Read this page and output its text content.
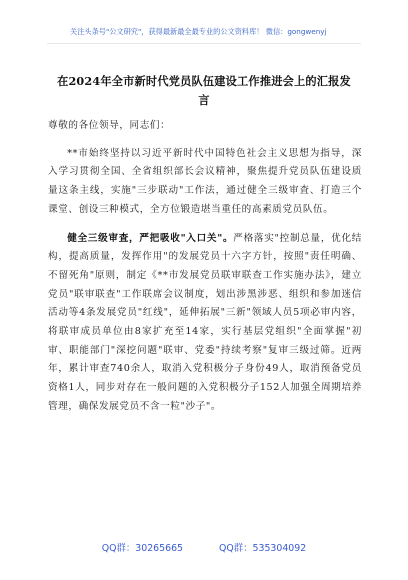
关注头条号"公文研究"，获得最新最全最专业的公文资料库！ 微信：gongwenyj
在2024年全市新时代党员队伍建设工作推进会上的汇报发言

尊敬的各位领导，同志们：

**市始终坚持以习近平新时代中国特色社会主义思想为指导，深入学习贯彻全国、全省组织部长会议精神，聚焦提升党员队伍建设质量这条主线，实施"三步联动"工作法，通过健全三级审査、打造三个课堂、创设三种模式，全方位锻造堪当重任的高素质党员队伍。

健全三级审査，严把吸收"入口关"。严格落实"控制总量，优化结构，提高质量，发挥作用"的发展党员十六字方针，按照"责任明确、不留死角"原则，制定《**市发展党员联审联查工作实施办法》，建立党员"联审联查"工作联席会议制度，划出涉黑涉恶、组织和参加迷信活动等4条发展党员"红线"，延伸拓展"三新"领域人员5项必审内容，将联审成员单位由8家扩充至14家，实行基层党组织"全面掌握"初审、职能部门"深挖问题"联审、党委"持续考察"复审三级过筛。近两年，累计审查740余人，取消入党积极分子身份49人，取消预备党员资格1人，同步对存在一般问题的入党积极分子152人加强全周期培养管理，确保发展党员不含一粒"沙子"。

QQ群：30265665	QQ群：535304092
